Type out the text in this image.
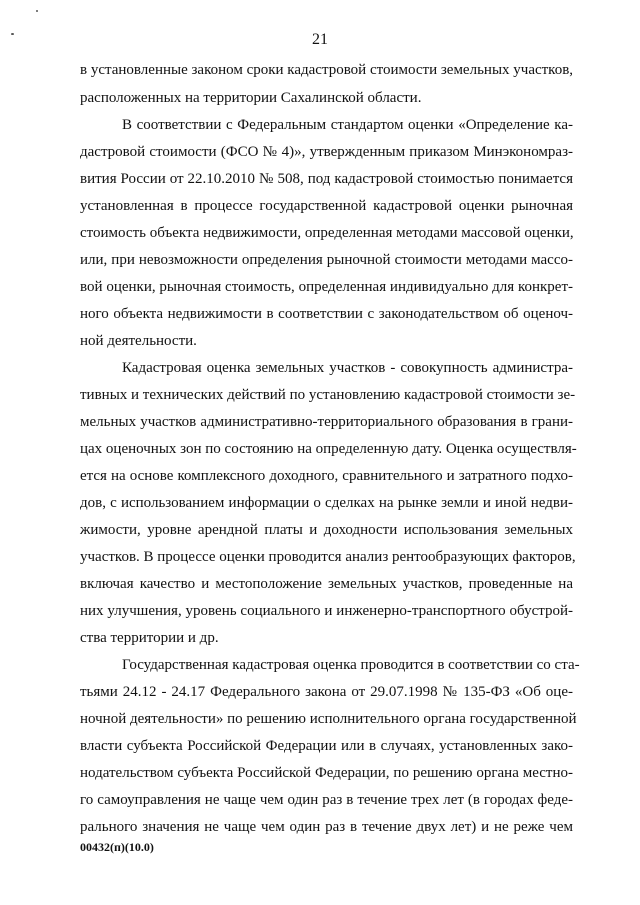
21
в установленные законом сроки кадастровой стоимости земельных участков,
расположенных на территории Сахалинской области.
В соответствии с Федеральным стандартом оценки «Определение ка-
дастровой стоимости (ФСО № 4)», утвержденным приказом Минэкономраз-
вития России от 22.10.2010 № 508, под кадастровой стоимостью понимается
установленная в процессе государственной кадастровой оценки рыночная
стоимость объекта недвижимости, определенная методами массовой оценки,
или, при невозможности определения рыночной стоимости методами массо-
вой оценки, рыночная стоимость, определенная индивидуально для конкрет-
ного объекта недвижимости в соответствии с законодательством об оценоч-
ной деятельности.
Кадастровая оценка земельных участков - совокупность администра-
тивных и технических действий по установлению кадастровой стоимости зе-
мельных участков административно-территориального образования в грани-
цах оценочных зон по состоянию на определенную дату. Оценка осуществля-
ется на основе комплексного доходного, сравнительного и затратного подхо-
дов, с использованием информации о сделках на рынке земли и иной недви-
жимости, уровне арендной платы и доходности использования земельных
участков. В процессе оценки проводится анализ рентообразующих факторов,
включая качество и местоположение земельных участков, проведенные на
них улучшения, уровень социального и инженерно-транспортного обустрой-
ства территории и др.
Государственная кадастровая оценка проводится в соответствии со ста-
тьями 24.12 - 24.17 Федерального закона от 29.07.1998 № 135-ФЗ «Об оце-
ночной деятельности» по решению исполнительного органа государственной
власти субъекта Российской Федерации или в случаях, установленных зако-
нодательством субъекта Российской Федерации, по решению органа местно-
го самоуправления не чаще чем один раз в течение трех лет (в городах феде-
рального значения не чаще чем один раз в течение двух лет) и не реже чем
00432(п)(10.0)
